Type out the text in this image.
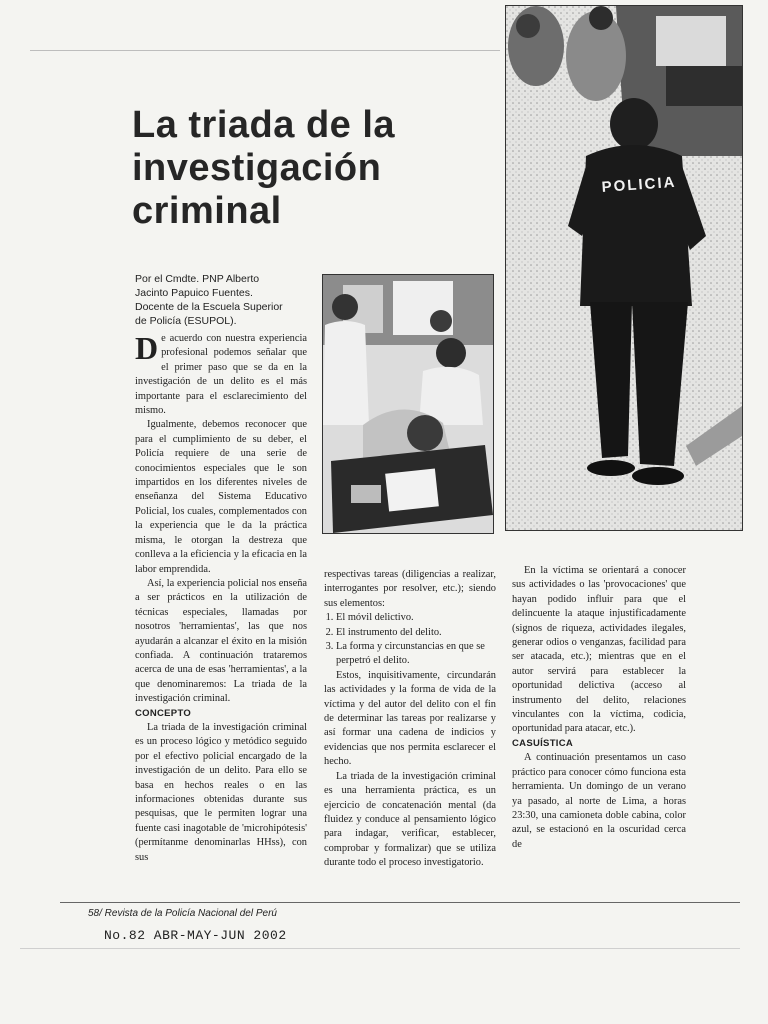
La triada de la investigación criminal
Por el Cmdte. PNP Alberto
Jacinto Papuico Fuentes.
Docente de la Escuela Superior
de Policía (ESUPOL).
POLICIA

De acuerdo con nuestra experiencia profesional podemos señalar que el primer paso que se da en la investigación de un delito es el más importante para el esclarecimiento del mismo.

Igualmente, debemos reconocer que para el cumplimiento de su deber, el Policía requiere de una serie de conocimientos especiales que le son impartidos en los diferentes niveles de enseñanza del Sistema Educativo Policial, los cuales, complementados con la experiencia que le da la práctica misma, le otorgan la destreza que conlleva a la eficiencia y la eficacia en la labor emprendida.

Así, la experiencia policial nos enseña a ser prácticos en la utilización de técnicas especiales, llamadas por nosotros 'herramientas', las que nos ayudarán a alcanzar el éxito en la misión confiada. A continuación trataremos acerca de una de esas 'herramientas', a la que denominaremos: La triada de la investigación criminal.

CONCEPTO

La triada de la investigación criminal es un proceso lógico y metódico seguido por el efectivo policial encargado de la investigación de un delito. Para ello se basa en hechos reales o en las informaciones obtenidas durante sus pesquisas, que le permiten lograr una fuente casi inagotable de 'microhipótesis' (permítanme denominarlas HHss), con sus

respectivas tareas (diligencias a realizar, interrogantes por resolver, etc.); siendo sus elementos:

1. El móvil delictivo.
2. El instrumento del delito.
3. La forma y circunstancias en que se perpetró el delito.

Estos, inquisitivamente, circundarán las actividades y la forma de vida de la víctima y del autor del delito con el fin de determinar las tareas por realizarse y así formar una cadena de indicios y evidencias que nos permita esclarecer el hecho.

La triada de la investigación criminal es una herramienta práctica, es un ejercicio de concatenación mental (da fluidez y conduce al pensamiento lógico para indagar, verificar, establecer, comprobar y formalizar) que se utiliza durante todo el proceso investigatorio.

En la víctima se orientará a conocer sus actividades o las 'provocaciones' que hayan podido influir para que el delincuente la ataque injustificadamente (signos de riqueza, actividades ilegales, generar odios o venganzas, facilidad para ser atacada, etc.); mientras que en el autor servirá para establecer la oportunidad delictiva (acceso al instrumento del delito, relaciones vinculantes con la víctima, codicia, oportunidad para atacar, etc.).

CASUÍSTICA

A continuación presentamos un caso práctico para conocer cómo funciona esta herramienta. Un domingo de un verano ya pasado, al norte de Lima, a horas 23:30, una camioneta doble cabina, color azul, se estacionó en la oscuridad cerca de

58/ Revista de la Policía Nacional del Perú
No.82 ABR-MAY-JUN 2002
